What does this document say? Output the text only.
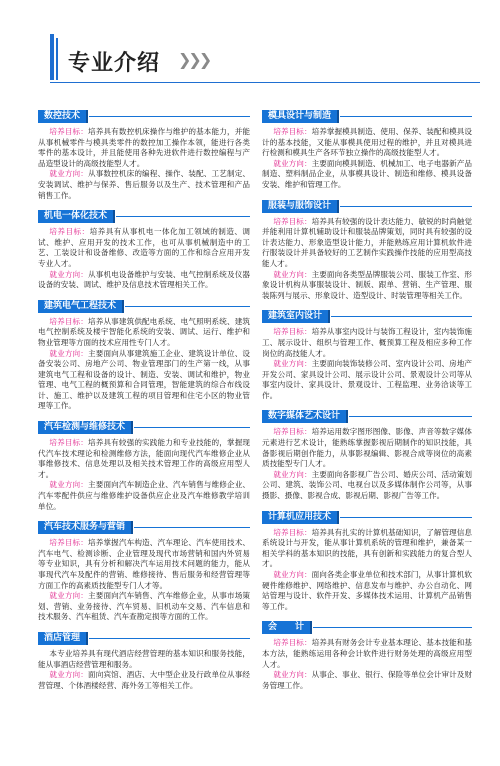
专业介绍 ❯❯❯
数控技术

培养目标：培养具有数控机床操作与维护的基本能力，并能从事机械零件与模具类零件的数控加工操作本领，能进行各类零件的基本设计，并且能使用各种先进软件进行数控编程与产品造型设计的高级技能型人才。

就业方向：从事数控机床的编程、操作、装配、工艺制定、安装调试、维护与保养、售后服务以及生产、技术管理和产品销售工作。

机电一体化技术

培养目标：培养具有从事机电一体化加工领域的制造、调试、维护、应用开发的技术工作，也可从事机械制造中的工艺、工装设计和设备维修、改造等方面的工作和综合应用开发专业人才。

就业方向：从事机电设备维护与安装、电气控制系统及仪器设备的安装、调试、维护及信息技术管理相关工作。

建筑电气工程技术

培养目标：培养从事建筑供配电系统、电气照明系统、建筑电气控制系统及楼宇智能化系统的安装、调试、运行、维护和物业管理等方面的技术应用性专门人才。

就业方向：主要面向从事建筑施工企业、建筑设计单位、设备安装公司、房地产公司、物业管理部门的生产第一线，从事建筑电气工程和设备的设计、制造、安装、调试和维护，物业管理、电气工程的概预算和合同管理，智能建筑的综合布线设计、施工、维护以及建筑工程的项目管理和住宅小区的物业管理等工作。

汽车检测与维修技术

培养目标：培养具有较强的实践能力和专业技能的，掌握现代汽车技术理论和检测维修方法，能面向现代汽车维修企业从事维修技术、信息处理以及相关技术管理工作的高级应用型人才。

就业方向：主要面向汽车制造企业、汽车销售与维修企业、汽车零配件供应与维修维护设备供应企业及汽车维修教学培训单位。

汽车技术服务与营销

培养目标：培养掌握汽车构造、汽车理论、汽车使用技术、汽车电气、检测诊断、企业管理及现代市场营销和国内外贸易等专业知识，具有分析和解决汽车运用技术问题的能力，能从事现代汽车及配件的营销、维修接待、售后服务和经营管理等方面工作的高素质技能型专门人才等。

就业方向：主要面向汽车销售、汽车维修企业，从事市场策划、营销、业务接待、汽车贸易、旧机动车交易、汽车信息和技术服务、汽车租赁、汽车查勘定损等方面的工作。

酒店管理

本专业培养具有现代酒店经营管理的基本知识和服务技能，能从事酒店经营管理和服务。

就业方向：面向宾馆、酒店、大中型企业及行政单位从事经营管理、个体酒楼经营、海外务工等相关工作。

模具设计与制造

培养目标：培养掌握模具制造、使用、保养、装配和模具设计的基本技能，又能从事模具使用过程的维护，并且对模具进行检测和模具生产各环节独立操作的高级技能型人才。

就业方向：主要面向模具制造、机械加工、电子电器新产品制造、塑料制品企业，从事模具设计、制造和维修、模具设备安装、维护和管理工作。

服装与服饰设计

培养目标：培养具有较强的设计表达能力、敏锐的时尚触觉并能利用计算机辅助设计和服装品牌策划，同时具有较强的设计表达能力、形象造型设计能力，并能熟练应用计算机软件进行服装设计并具备较好的工艺制作实践操作技能的应用型高技能人才。

就业方向：主要面向各类型品牌服装公司、服装工作室、形象设计机构从事服装设计、制版、跟单、营销、生产管理、服装陈列与展示、形象设计、造型设计、时装管理等相关工作。

建筑室内设计

培养目标：培养从事室内设计与装饰工程设计，室内装饰施工、展示设计、组织与管理工作、概预算工程及相应多种工作岗位的高技能人才。

就业方向：主要面向装饰装修公司、室内设计公司、房地产开发公司、家具设计公司、展示设计公司、景观设计公司等从事室内设计、家具设计、景观设计、工程监理、业务洽谈等工作。

数字媒体艺术设计

培养目标：培养运用数字图形图像、影像、声音等数字媒体元素进行艺术设计，能熟练掌握影视后期制作的知识技能，具备影视后期创作能力，从事影视编辑、影视合成等岗位的高素质技能型专门人才。

就业方向：主要面向各影视广告公司、婚庆公司、活动策划公司、建筑、装饰公司、电视台以及多媒体制作公司等，从事摄影、摄像、影视合成、影视后期、影视广告等工作。

计算机应用技术

培养目标：培养具有扎实的计算机基础知识，了解管理信息系统设计与开发，能从事计算机系统的管理和维护，兼备某一相关学科的基本知识的技能，具有创新和实践能力的复合型人才。

就业方向：面向各类企事业单位和技术部门，从事计算机软硬件维修维护、网络维护、信息发布与维护、办公自动化、网站管理与设计、软件开发、多媒体技术运用、计算机产品销售等工作。

会　　计

培养目标：培养具有财务会计专业基本理论、基本技能和基本方法，能熟练运用各种会计软件进行财务处理的高级应用型人才。

就业方向：从事企、事业、银行、保险等单位会计审计及财务管理工作。
